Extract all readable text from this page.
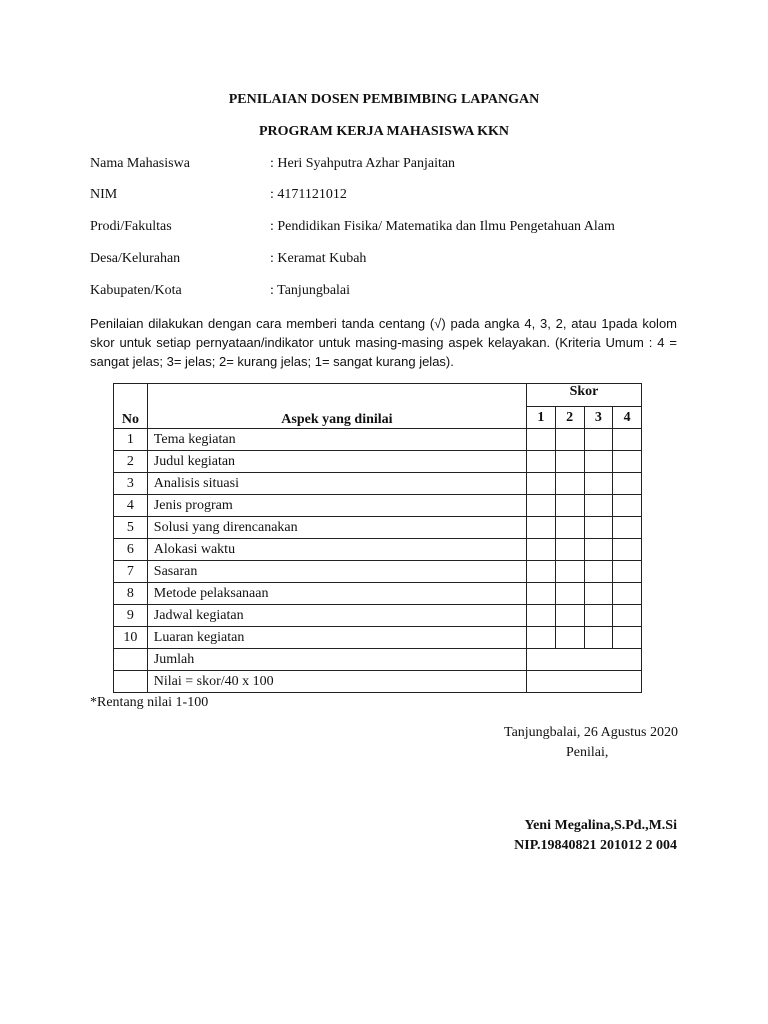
PENILAIAN DOSEN PEMBIMBING LAPANGAN
PROGRAM KERJA MAHASISWA KKN
Nama Mahasiswa	: Heri Syahputra Azhar Panjaitan
NIM	: 4171121012
Prodi/Fakultas	: Pendidikan Fisika/ Matematika dan Ilmu Pengetahuan Alam
Desa/Kelurahan	: Keramat Kubah
Kabupaten/Kota	: Tanjungbalai
Penilaian dilakukan dengan cara memberi tanda centang (√) pada angka 4, 3, 2, atau 1pada kolom skor untuk setiap pernyataan/indikator untuk masing-masing aspek kelayakan. (Kriteria Umum : 4 = sangat jelas; 3= jelas; 2= kurang jelas; 1= sangat kurang jelas).
No	Aspek yang dinilai	Skor			
		1	2	3	4
1	Tema kegiatan				
2	Judul kegiatan				
3	Analisis situasi				
4	Jenis program				
5	Solusi yang direncanakan				
6	Alokasi waktu				
7	Sasaran				
8	Metode pelaksanaan				
9	Jadwal kegiatan				
10	Luaran kegiatan				
	Jumlah				
	Nilai = skor/40 x 100				
*Rentang nilai 1-100
Tanjungbalai, 26 Agustus 2020
Penilai,
Yeni Megalina,S.Pd.,M.Si
NIP.19840821 201012 2 004
